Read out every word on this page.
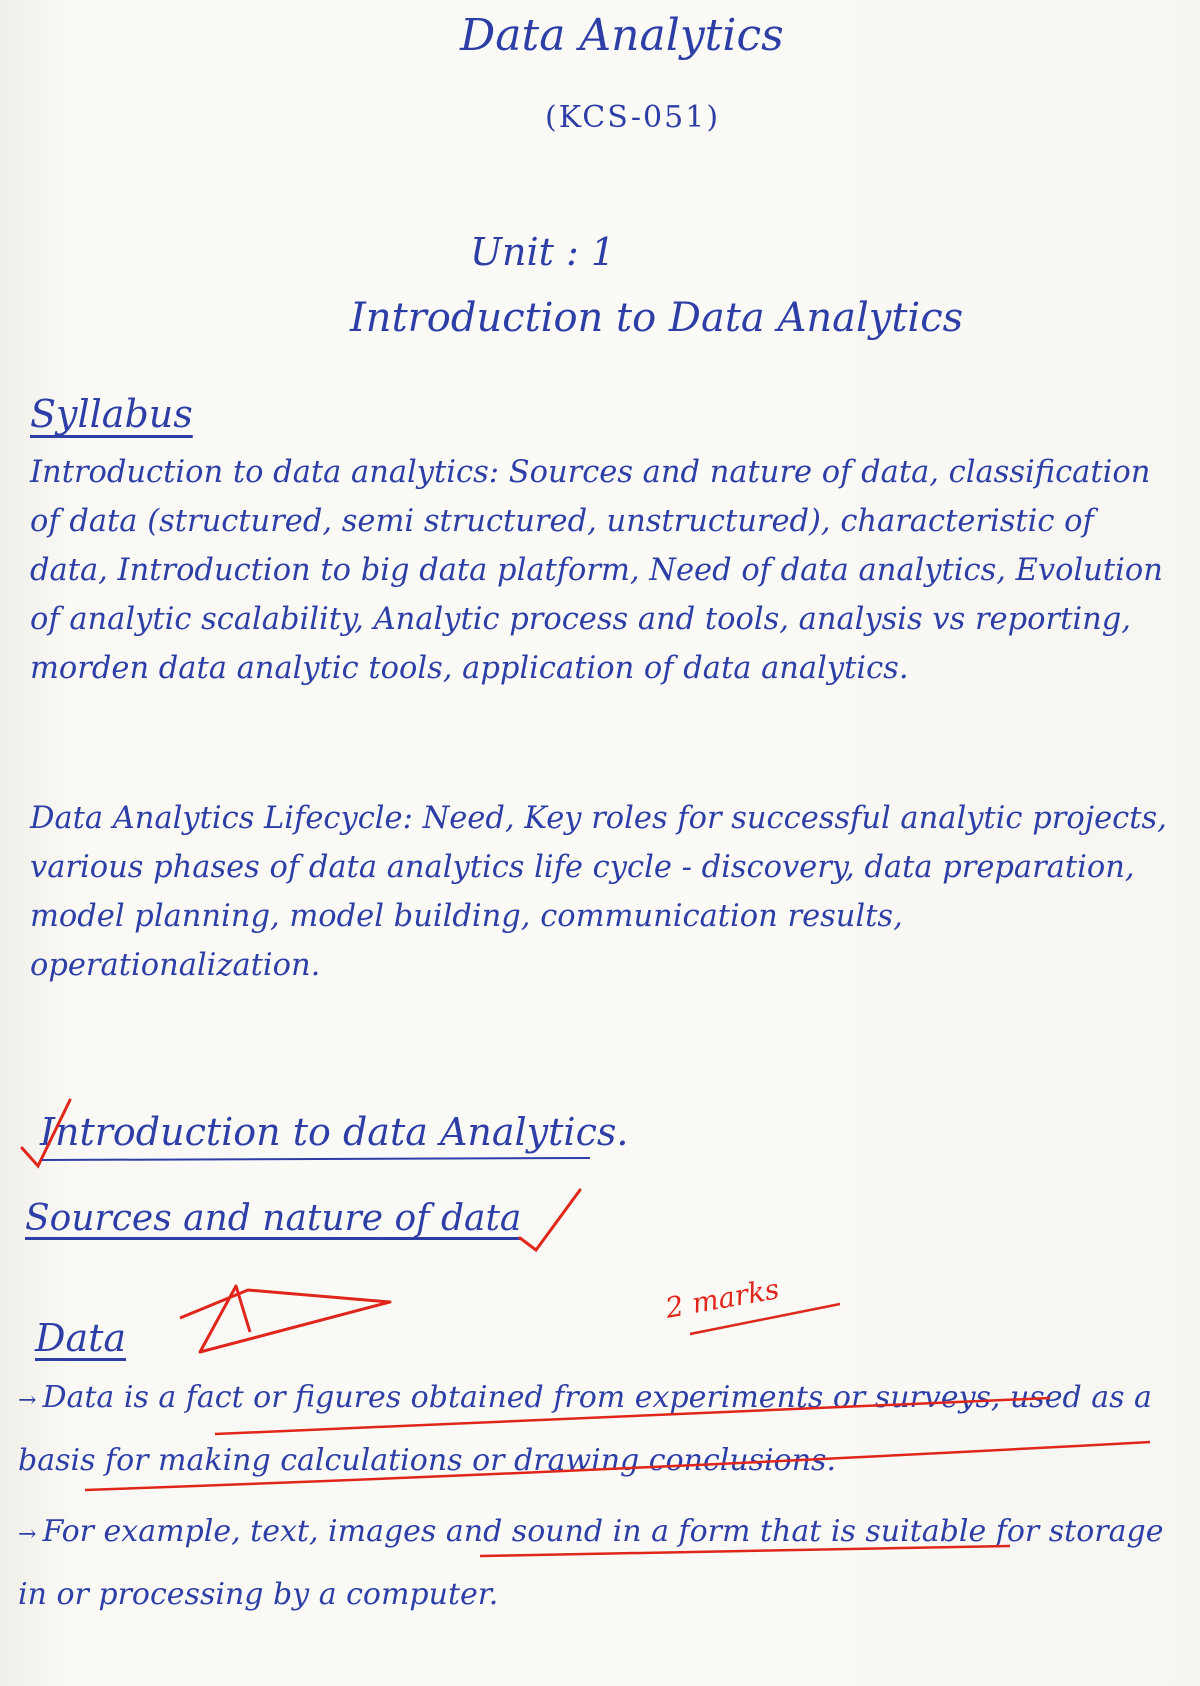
Data Analytics
(KCS-051)
Unit : 1
Introduction to Data Analytics
Syllabus

Introduction to data analytics: Sources and nature of data, classification of data (structured, semi structured, unstructured), characteristic of data, Introduction to big data platform, Need of data analytics, Evolution of analytic scalability, Analytic process and tools, analysis vs reporting, morden data analytic tools, application of data analytics.

Data Analytics Lifecycle: Need, Key roles for successful analytic projects, various phases of data analytics life cycle - discovery, data preparation, model planning, model building, communication results, operationalization.

Introduction to data Analytics.
Sources and nature of data
Data
2 marks

→ Data is a fact or figures obtained from experiments or surveys, used as a basis for making calculations or drawing conclusions.

→ For example, text, images and sound in a form that is suitable for storage in or processing by a computer.
